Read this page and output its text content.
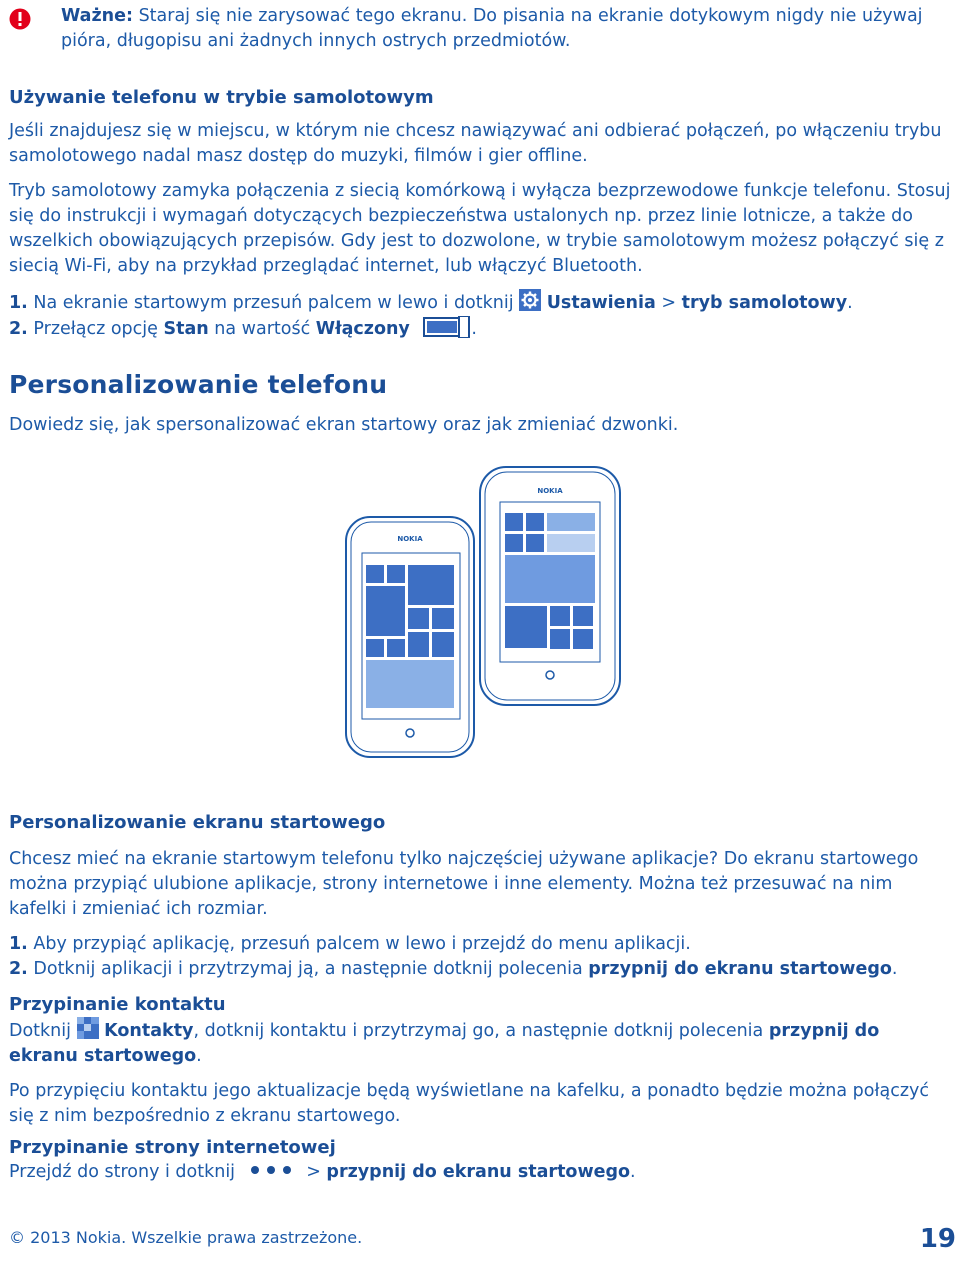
Ważne: Staraj się nie zarysować tego ekranu. Do pisania na ekranie dotykowym nigdy nie używaj pióra, długopisu ani żadnych innych ostrych przedmiotów.

Używanie telefonu w trybie samolotowym

Jeśli znajdujesz się w miejscu, w którym nie chcesz nawiązywać ani odbierać połączeń, po włączeniu trybu samolotowego nadal masz dostęp do muzyki, filmów i gier offline.

Tryb samolotowy zamyka połączenia z siecią komórkową i wyłącza bezprzewodowe funkcje telefonu. Stosuj się do instrukcji i wymagań dotyczących bezpieczeństwa ustalonych np. przez linie lotnicze, a także do wszelkich obowiązujących przepisów. Gdy jest to dozwolone, w trybie samolotowym możesz połączyć się z siecią Wi-Fi, aby na przykład przeglądać internet, lub włączyć Bluetooth.

1. Na ekranie startowym przesuń palcem w lewo i dotknij  Ustawienia > tryb samolotowy.

2. Przełącz opcję Stan na wartość Włączony	.

Personalizowanie telefonu

Dowiedz się, jak spersonalizować ekran startowy oraz jak zmieniać dzwonki.

NOKIA
NOKIA

Personalizowanie ekranu startowego

Chcesz mieć na ekranie startowym telefonu tylko najczęściej używane aplikacje? Do ekranu startowego można przypiąć ulubione aplikacje, strony internetowe i inne elementy. Można też przesuwać na nim kafelki i zmieniać ich rozmiar.

1. Aby przypiąć aplikację, przesuń palcem w lewo i przejdź do menu aplikacji.

2. Dotknij aplikacji i przytrzymaj ją, a następnie dotknij polecenia przypnij do ekranu startowego.

Przypinanie kontaktu

Dotknij  Kontakty, dotknij kontaktu i przytrzymaj go, a następnie dotknij polecenia przypnij do ekranu startowego.

Po przypięciu kontaktu jego aktualizacje będą wyświetlane na kafelku, a ponadto będzie można połączyć się z nim bezpośrednio z ekranu startowego.

Przypinanie strony internetowej

Przejdź do strony i dotknij	> przypnij do ekranu startowego.

© 2013 Nokia. Wszelkie prawa zastrzeżone.	19
